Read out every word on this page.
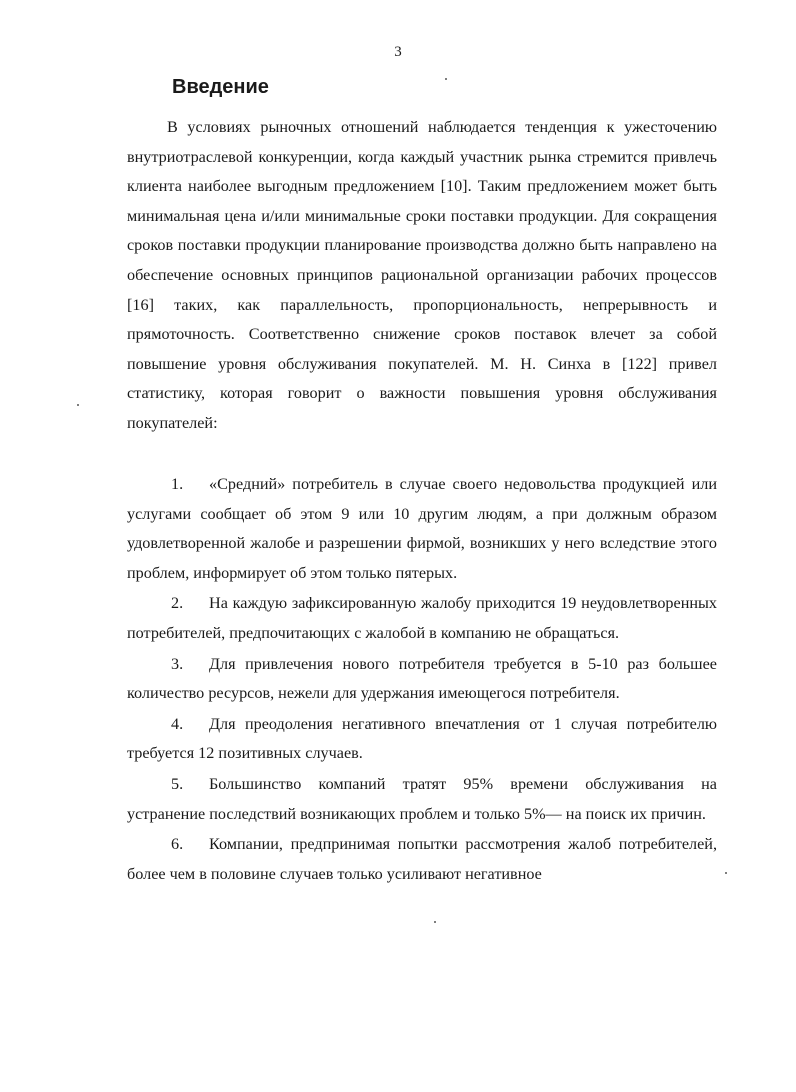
3
Введение

В условиях рыночных отношений наблюдается тенденция к ужесточению внутриотраслевой конкуренции, когда каждый участник рынка стремится привлечь клиента наиболее выгодным предложением [10]. Таким предложением может быть минимальная цена и/или минимальные сроки поставки продукции. Для сокращения сроков поставки продукции планирование производства должно быть направлено на обеспечение основных принципов рациональной организации рабочих процессов [16] таких, как параллельность, пропорциональность, непрерывность и прямоточность. Соответственно снижение сроков поставок влечет за собой повышение уровня обслуживания покупателей. М. Н. Синха в [122] привел статистику, которая говорит о важности повышения уровня обслуживания покупателей:

1. «Средний» потребитель в случае своего недовольства продукцией или услугами сообщает об этом 9 или 10 другим людям, а при должным образом удовлетворенной жалобе и разрешении фирмой, возникших у него вследствие этого проблем, информирует об этом только пятерых.

2. На каждую зафиксированную жалобу приходится 19 неудовлетворенных потребителей, предпочитающих с жалобой в компанию не обращаться.

3. Для привлечения нового потребителя требуется в 5-10 раз большее количество ресурсов, нежели для удержания имеющегося потребителя.

4. Для преодоления негативного впечатления от 1 случая потребителю требуется 12 позитивных случаев.

5. Большинство компаний тратят 95% времени обслуживания на устранение последствий возникающих проблем и только 5%— на поиск их причин.

6. Компании, предпринимая попытки рассмотрения жалоб потребителей, более чем в половине случаев только усиливают негативное
